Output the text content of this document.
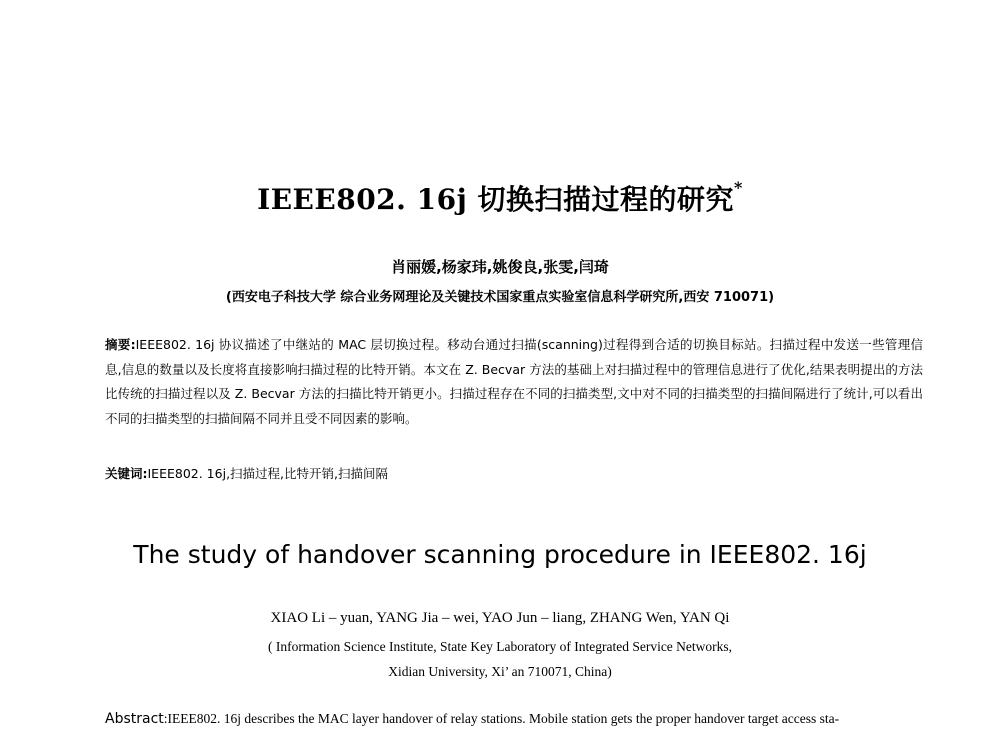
IEEE802. 16j 切换扫描过程的研究*
肖丽媛,杨家玮,姚俊良,张雯,闫琦
(西安电子科技大学 综合业务网理论及关键技术国家重点实验室信息科学研究所,西安 710071)
摘要:IEEE802. 16j 协议描述了中继站的 MAC 层切换过程。移动台通过扫描(scanning)过程得到合适的切换目标站。扫描过程中发送一些管理信息,信息的数量以及长度将直接影响扫描过程的比特开销。本文在 Z. Becvar 方法的基础上对扫描过程中的管理信息进行了优化,结果表明提出的方法比传统的扫描过程以及 Z. Becvar 方法的扫描比特开销更小。扫描过程存在不同的扫描类型,文中对不同的扫描类型的扫描间隔进行了统计,可以看出不同的扫描类型的扫描间隔不同并且受不同因素的影响。
关键词:IEEE802. 16j,扫描过程,比特开销,扫描间隔
The study of handover scanning procedure in IEEE802. 16j
XIAO Li – yuan, YANG Jia – wei, YAO Jun – liang, ZHANG Wen, YAN Qi
( Information Science Institute, State Key Laboratory of Integrated Service Networks,
Xidian University, Xi’ an 710071, China)
Abstract:IEEE802. 16j describes the MAC layer handover of relay stations. Mobile station gets the proper handover target access sta-
